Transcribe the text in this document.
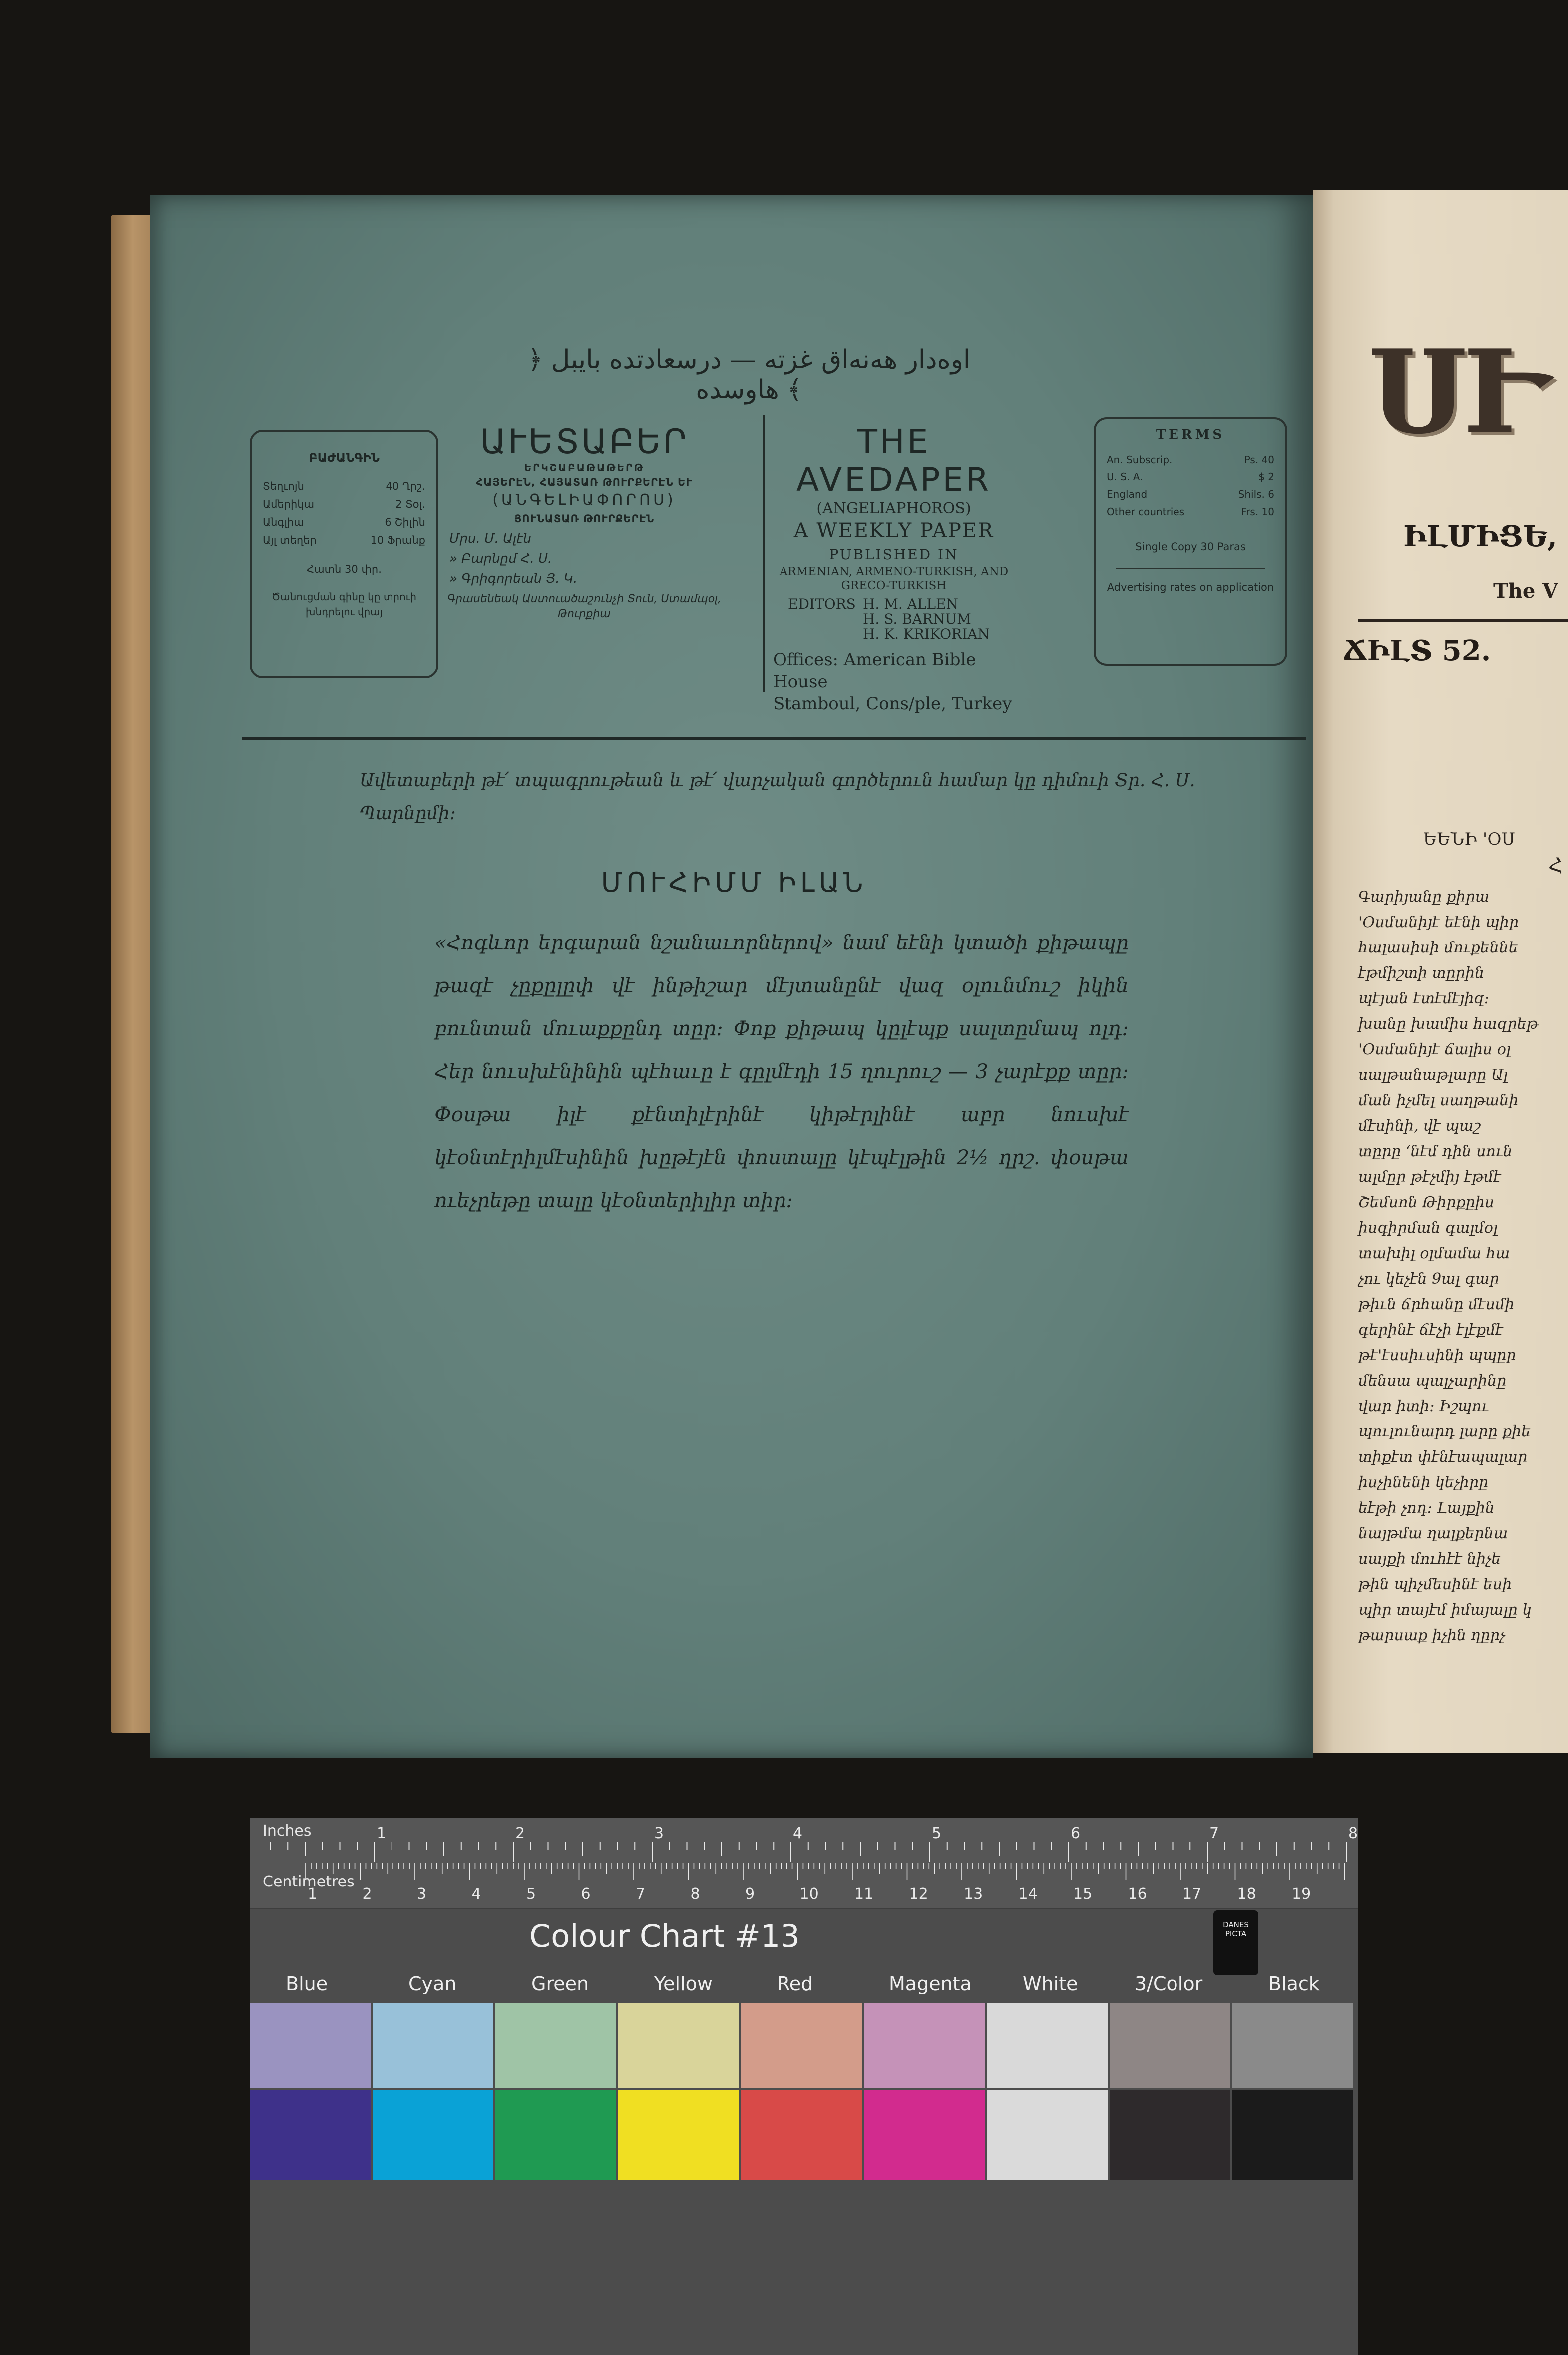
﴿ اوەدار ھەنەاق غزته — درسعادتده بايبل هاوسده ﴾
ԲԱԺԱՆԳԻՆ
Տեղւոյն	40 Ղրշ.
Ամերիկա	2 Տօլ.
Անգլիա	6 Շիլին
Այլ տեղեր	10 Ֆրանք
Հատն 30 փր.
Ծանուցման գինը կը տրուի խնդրելու վրայ
ԱՒԵՏԱԲԵՐ
ԵՐԿՇԱԲԱԹԱԹԵՐԹ
ՀԱՅԵՐԷՆ, ՀԱՅԱՏԱՌ ԹՈՒՐՔԵՐԷՆ ԵՒ
(ԱՆԳԵԼԻԱՓՈՐՈՍ)
ՅՈՒՆԱՏԱՌ ԹՈՒՐՔԵՐԷՆ
Մրս. Մ. Ալէն
» Բարնըմ Հ. Ս.
» Գրիգորեան Յ. Կ.
Գրասենեակ Աստուածաշունչի Տուն, Ստամպօլ, Թուրքիա
THE AVEDAPER
(ANGELIAPHOROS)
A WEEKLY PAPER
PUBLISHED IN
ARMENIAN, ARMENO-TURKISH, AND GRECO-TURKISH
EDITORS H. M. ALLEN
H. S. BARNUM
H. K. KRIKORIAN
Offices: American Bible House
Stamboul, Cons/ple, Turkey
TERMS
An. Subscrip.	Ps. 40
U. S. A.	$ 2
England	Shils. 6
Other countries	Frs. 10
Single Copy 30 Paras
Advertising rates on application
Ավետաբերի թէ՛ տպագրութեան և թէ՛ վարչական գործերուն համար կը դիմուի Տր. Հ. Ս. Պարնըմի։
ՄՈՒՀԻՄՄ ԻԼԱՆ
«Հոգևոր երգարան նշանաւորներով» նամ եէնի կտածի քիթապը թազէ չըքըլըփ վէ ինթիշար մէյտանընէ վազ օլունմուշ իկին բունտան մուաքքընդ տըր։ Փոք քիթապ կըլէպք սալտըմապ ոլդ։ Հեր նուսխէնինին պէհաւը է գըլմէդի 15 ղուրուշ — 3 չարէքք տըր։ Փօսթա իլէ քէնտիլէրինէ կիթէրլինէ աբր նուսխէ կէօնտէրիլմէսինին խըթէյէն փոստալը կէպէլթին 2½ ղրշ. փօսթա ուեչրեթը տալը կէօնտերիլիր տիր։
ՍՒ
ԻԼՄԻՑԵ,
The V
ՃԻԼՏ 52.
ԵԵՆԻ 'ՕՍ
Հ
Գարիյանը քիրա
'Օսմանիյէ եէնի պիր
հալասիսի մուքեննե
էթմիշտի տըրին
պէյան էտէմէյիզ։
խանը խամիս հազրեթ
'Օսմանիյէ ճալիս օլ
սալթանաթլարը Ալ
ման իչմել սաղթանի
մէսինի, վէ պաշ
տըրը ‘նէմ դին սուն
ալմըր թէչմիյ էթմէ
Շեմսոն Թիրքըիս
իսգիրման գալմօլ
տախիլ օլմամա հա
չու կեչէն 9ալ գար
թիւն ճրհանը մէսմի
գերինէ ճէչի էլէքմէ
թէ'էսսիւսինի պպըր
մենսա պալչարինը
վար իտի։ Իշպու
պուլունարդ լարը քիե
տիքէտ փէնէապալար
իսչինենի կեչիրը
եէթի չոդ։ Լայքին
նայթմա ղալքերնա
սայքի մուհէէ նիչե
թին պիչմեսինէ եսի
պիր տայէմ իմայալը կ
թարսաք իչին ղըրչ
1	2	3	4	5	6	7	8
1	2	3	4	5	6	7	8	9	10 11 12 13 14 15 16 17 18 19
Inches
Centimetres
Colour Chart #13	DANES PICTA
Blue	Cyan	Green	Yellow	Red	Magenta	White	3/Color	Black
